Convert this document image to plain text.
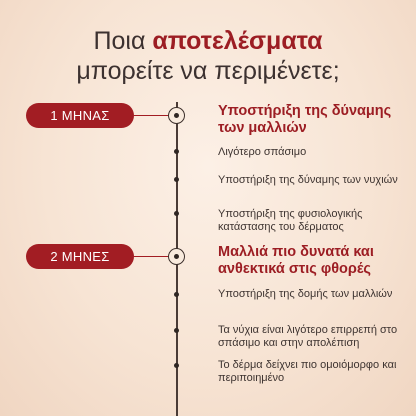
Ποια αποτελέσματα
μπορείτε να περιμένετε;
1 ΜΗΝΑΣ	Υποστήριξη της δύναμης των μαλλιών

Λιγότερο σπάσιμο

Υποστήριξη της δύναμης των νυχιών

Υποστήριξη της φυσιολογικής κατάστασης του δέρματος

2 ΜΗΝΕΣ	Μαλλιά πιο δυνατά και ανθεκτικά στις φθορές

Υποστήριξη της δομής των μαλλιών

Τα νύχια είναι λιγότερο επιρρεπή στο σπάσιμο και στην απολέπιση

Το δέρμα δείχνει πιο ομοιόμορφο και περιποιημένο
